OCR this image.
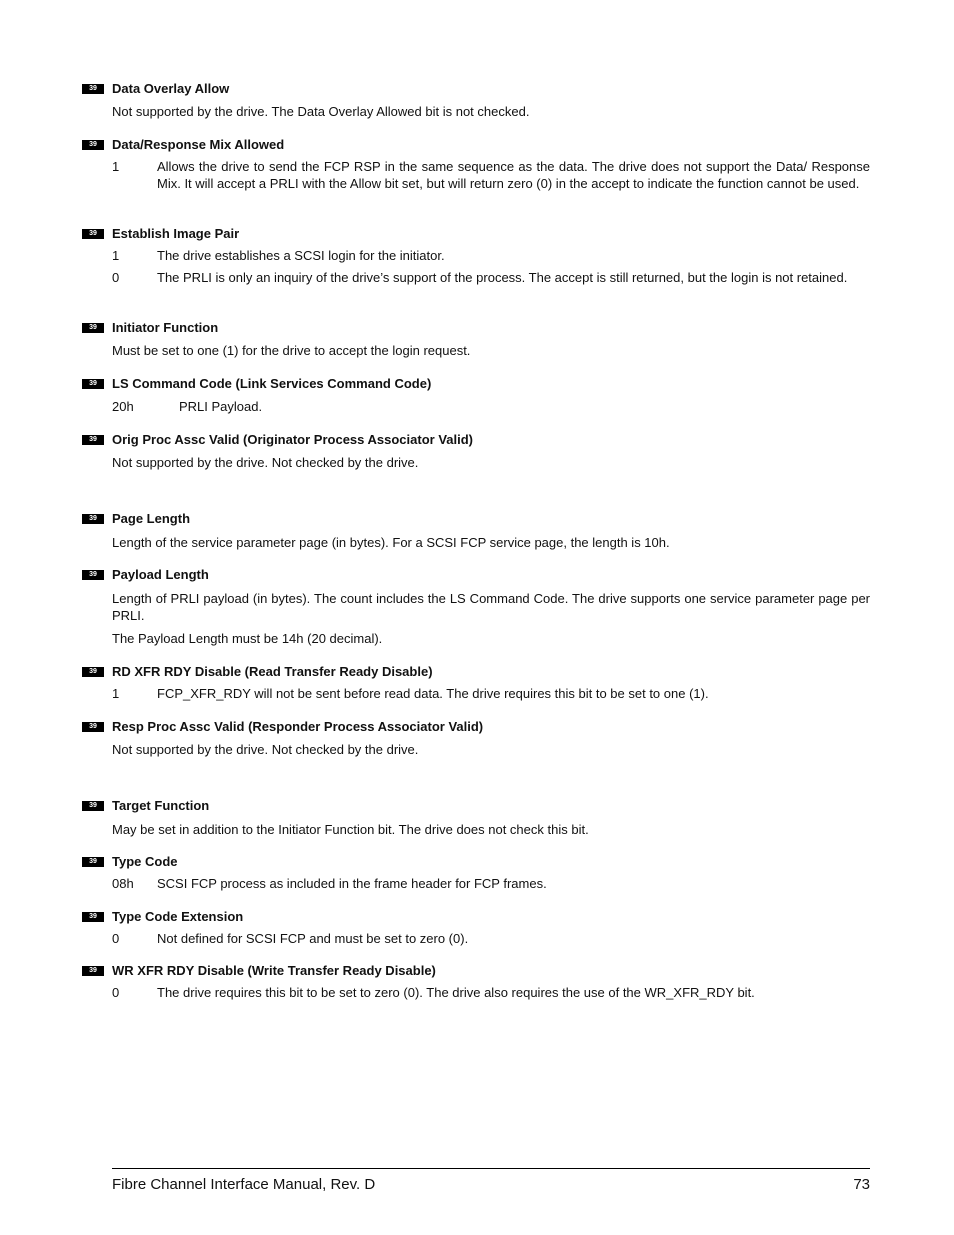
39	Data Overlay Allow
Not supported by the drive. The Data Overlay Allowed bit is not checked.
39	Data/Response Mix Allowed
1	Allows the drive to send the FCP RSP in the same sequence as the data. The drive does not support the Data/ Response Mix. It will accept a PRLI with the Allow bit set, but will return zero (0) in the accept to indicate the function cannot be used.
39	Establish Image Pair
1	The drive establishes a SCSI login for the initiator.
0	The PRLI is only an inquiry of the drive’s support of the process. The accept is still returned, but the login is not retained.
39	Initiator Function
Must be set to one (1) for the drive to accept the login request.
39	LS Command Code (Link Services Command Code)
20h	PRLI Payload.
39	Orig Proc Assc Valid (Originator Process Associator Valid)
Not supported by the drive. Not checked by the drive.
39	Page Length
Length of the service parameter page (in bytes). For a SCSI FCP service page, the length is 10h.
39	Payload Length
Length of PRLI payload (in bytes). The count includes the LS Command Code. The drive supports one service parameter page per PRLI.
The Payload Length must be 14h (20 decimal).
39	RD XFR RDY Disable (Read Transfer Ready Disable)
1	FCP_XFR_RDY will not be sent before read data. The drive requires this bit to be set to one (1).
39	Resp Proc Assc Valid (Responder Process Associator Valid)
Not supported by the drive. Not checked by the drive.
39	Target Function
May be set in addition to the Initiator Function bit. The drive does not check this bit.
39	Type Code
08h SCSI FCP process as included in the frame header for FCP frames.
39	Type Code Extension
0	Not defined for SCSI FCP and must be set to zero (0).
39	WR XFR RDY Disable (Write Transfer Ready Disable)
0	The drive requires this bit to be set to zero (0). The drive also requires the use of the WR_XFR_RDY bit.
Fibre Channel Interface Manual, Rev. D	73
